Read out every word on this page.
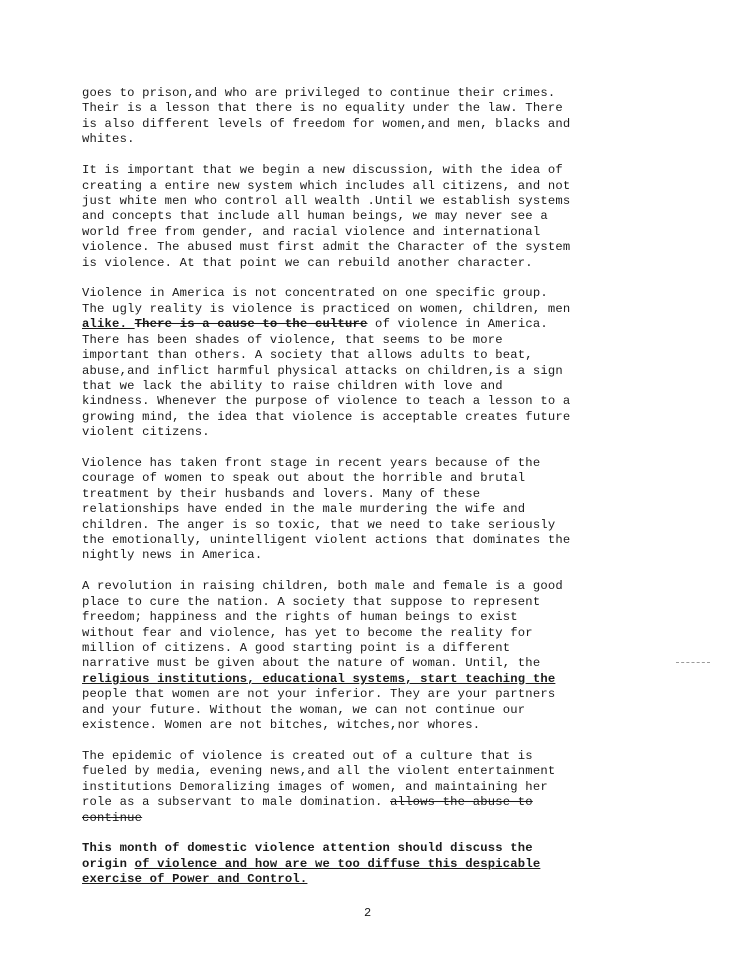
goes to prison,and who are privileged to continue their crimes.
Their is a lesson that there is no equality under the law. There
is also different levels of freedom for women,and men, blacks and
whites.

It is important that we begin a new discussion, with the idea of
creating a entire new system which includes all citizens, and not
just white men who control all wealth .Until we establish systems
and concepts that include all human beings, we may never see a
world free from gender, and racial violence and international
violence. The abused must first admit the Character of the system
is violence. At that point we can rebuild another character.

Violence in America is not concentrated on one specific group.
The ugly reality is violence is practiced on women, children, men
alike. There is a cause to the culture of violence in America.
There has been shades of violence, that seems to be more
important than others. A society that allows adults to beat,
abuse,and inflict harmful physical attacks on children,is a sign
that we lack the ability to raise children with love and
kindness. Whenever the purpose of violence to teach a lesson to a
growing mind, the idea that violence is acceptable creates future
violent citizens.

Violence has taken front stage in recent years because of the
courage of women to speak out about the horrible and brutal
treatment by their husbands and lovers. Many of these
relationships have ended in the male murdering the wife and
children. The anger is so toxic, that we need to take seriously
the emotionally, unintelligent violent actions that dominates the
nightly news in America.

A revolution in raising children, both male and female is a good
place to cure the nation. A society that suppose to represent
freedom; happiness and the rights of human beings to exist
without fear and violence, has yet to become the reality for
million of citizens. A good starting point is a different
narrative must be given about the nature of woman. Until, the
religious institutions, educational systems, start teaching the
people that women are not your inferior. They are your partners
and your future. Without the woman, we can not continue our
existence. Women are not bitches, witches,nor whores.

The epidemic of violence is created out of a culture that is
fueled by media, evening news,and all the violent entertainment
institutions Demoralizing images of women, and maintaining her
role as a subservant to male domination. allows the abuse to
continue

This month of domestic violence attention should discuss the
origin of violence and how are we too diffuse this despicable
exercise of Power and Control.

2
